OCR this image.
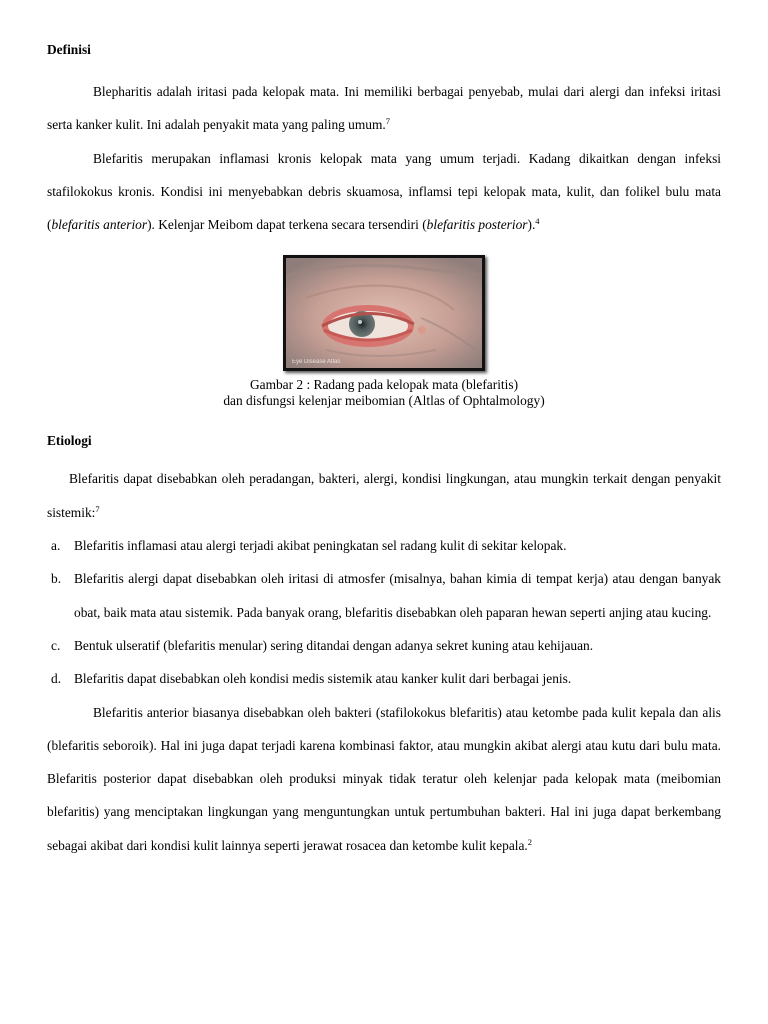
Definisi

Blepharitis adalah iritasi pada kelopak mata. Ini memiliki berbagai penyebab, mulai dari alergi dan infeksi iritasi serta kanker kulit. Ini adalah penyakit mata yang paling umum.$^7$

Blefaritis merupakan inflamasi kronis kelopak mata yang umum terjadi. Kadang dikaitkan dengan infeksi stafilokokus kronis. Kondisi ini menyebabkan debris skuamosa, inflamsi tepi kelopak mata, kulit, dan folikel bulu mata (blefaritis anterior). Kelenjar Meibom dapat terkena secara tersendiri (blefaritis posterior).$^4$

Eye Disease Atlas
Gambar 2 : Radang pada kelopak mata (blefaritis)
dan disfungsi kelenjar meibomian (Altlas of Ophtalmology)
Etiologi

Blefaritis dapat disebabkan oleh peradangan, bakteri, alergi, kondisi lingkungan, atau mungkin terkait dengan penyakit sistemik:$^7$

a. Blefaritis inflamasi atau alergi terjadi akibat peningkatan sel radang kulit di sekitar kelopak.
b. Blefaritis alergi dapat disebabkan oleh iritasi di atmosfer (misalnya, bahan kimia di tempat kerja) atau dengan banyak obat, baik mata atau sistemik. Pada banyak orang, blefaritis disebabkan oleh paparan hewan seperti anjing atau kucing.
c. Bentuk ulseratif (blefaritis menular) sering ditandai dengan adanya sekret kuning atau kehijauan.
d. Blefaritis dapat disebabkan oleh kondisi medis sistemik atau kanker kulit dari berbagai jenis.

Blefaritis anterior biasanya disebabkan oleh bakteri (stafilokokus blefaritis) atau ketombe pada kulit kepala dan alis (blefaritis seboroik). Hal ini juga dapat terjadi karena kombinasi faktor, atau mungkin akibat alergi atau kutu dari bulu mata. Blefaritis posterior dapat disebabkan oleh produksi minyak tidak teratur oleh kelenjar pada kelopak mata (meibomian blefaritis) yang menciptakan lingkungan yang menguntungkan untuk pertumbuhan bakteri. Hal ini juga dapat berkembang sebagai akibat dari kondisi kulit lainnya seperti jerawat rosacea dan ketombe kulit kepala.$^2$
